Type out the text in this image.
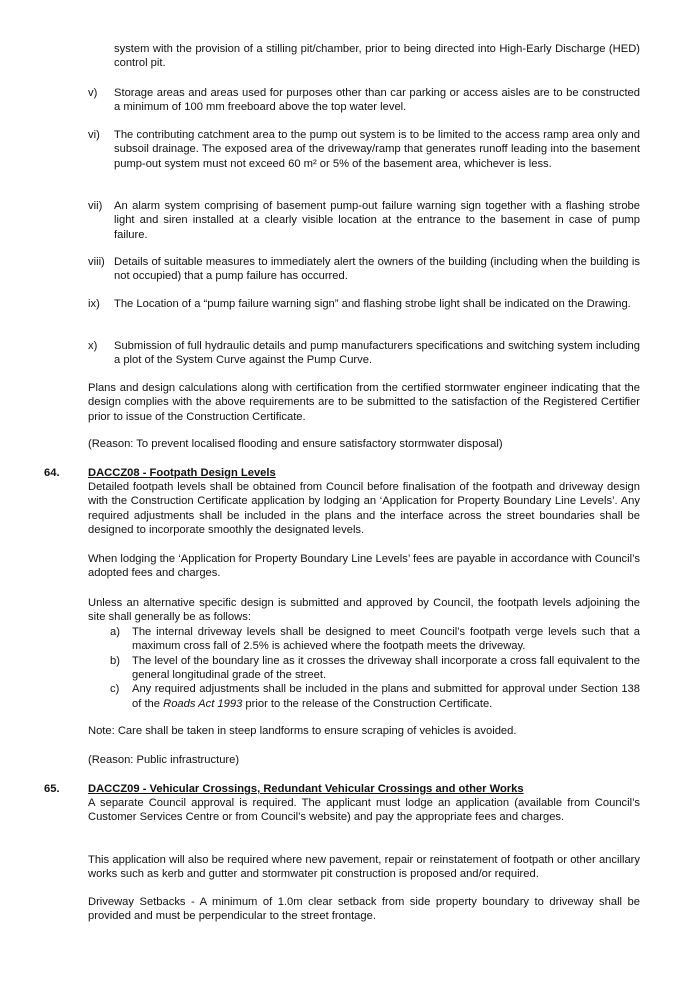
system with the provision of a stilling pit/chamber, prior to being directed into High-Early Discharge (HED) control pit.

v)	Storage areas and areas used for purposes other than car parking or access aisles are to be constructed a minimum of 100 mm freeboard above the top water level.

vi)	The contributing catchment area to the pump out system is to be limited to the access ramp area only and subsoil drainage. The exposed area of the driveway/ramp that generates runoff leading into the basement pump-out system must not exceed 60 m² or 5% of the basement area, whichever is less.

vii)	An alarm system comprising of basement pump-out failure warning sign together with a flashing strobe light and siren installed at a clearly visible location at the entrance to the basement in case of pump failure.

viii) Details of suitable measures to immediately alert the owners of the building (including when the building is not occupied) that a pump failure has occurred.

ix)	The Location of a “pump failure warning sign” and flashing strobe light shall be indicated on the Drawing.

x)	Submission of full hydraulic details and pump manufacturers specifications and switching system including a plot of the System Curve against the Pump Curve.

Plans and design calculations along with certification from the certified stormwater engineer indicating that the design complies with the above requirements are to be submitted to the satisfaction of the Registered Certifier prior to issue of the Construction Certificate.

(Reason: To prevent localised flooding and ensure satisfactory stormwater disposal)

64.	DACCZ08 - Footpath Design Levels

Detailed footpath levels shall be obtained from Council before finalisation of the footpath and driveway design with the Construction Certificate application by lodging an ‘Application for Property Boundary Line Levels’. Any required adjustments shall be included in the plans and the interface across the street boundaries shall be designed to incorporate smoothly the designated levels.

When lodging the ‘Application for Property Boundary Line Levels’ fees are payable in accordance with Council’s adopted fees and charges.

Unless an alternative specific design is submitted and approved by Council, the footpath levels adjoining the site shall generally be as follows:

a) The internal driveway levels shall be designed to meet Council’s footpath verge levels such that a maximum cross fall of 2.5% is achieved where the footpath meets the driveway.

b) The level of the boundary line as it crosses the driveway shall incorporate a cross fall equivalent to the general longitudinal grade of the street.

c) Any required adjustments shall be included in the plans and submitted for approval under Section 138 of the Roads Act 1993 prior to the release of the Construction Certificate.

Note: Care shall be taken in steep landforms to ensure scraping of vehicles is avoided.

(Reason: Public infrastructure)

65.	DACCZ09 - Vehicular Crossings, Redundant Vehicular Crossings and other Works

A separate Council approval is required. The applicant must lodge an application (available from Council’s Customer Services Centre or from Council’s website) and pay the appropriate fees and charges.

This application will also be required where new pavement, repair or reinstatement of footpath or other ancillary works such as kerb and gutter and stormwater pit construction is proposed and/or required.

Driveway Setbacks - A minimum of 1.0m clear setback from side property boundary to driveway shall be provided and must be perpendicular to the street frontage.
